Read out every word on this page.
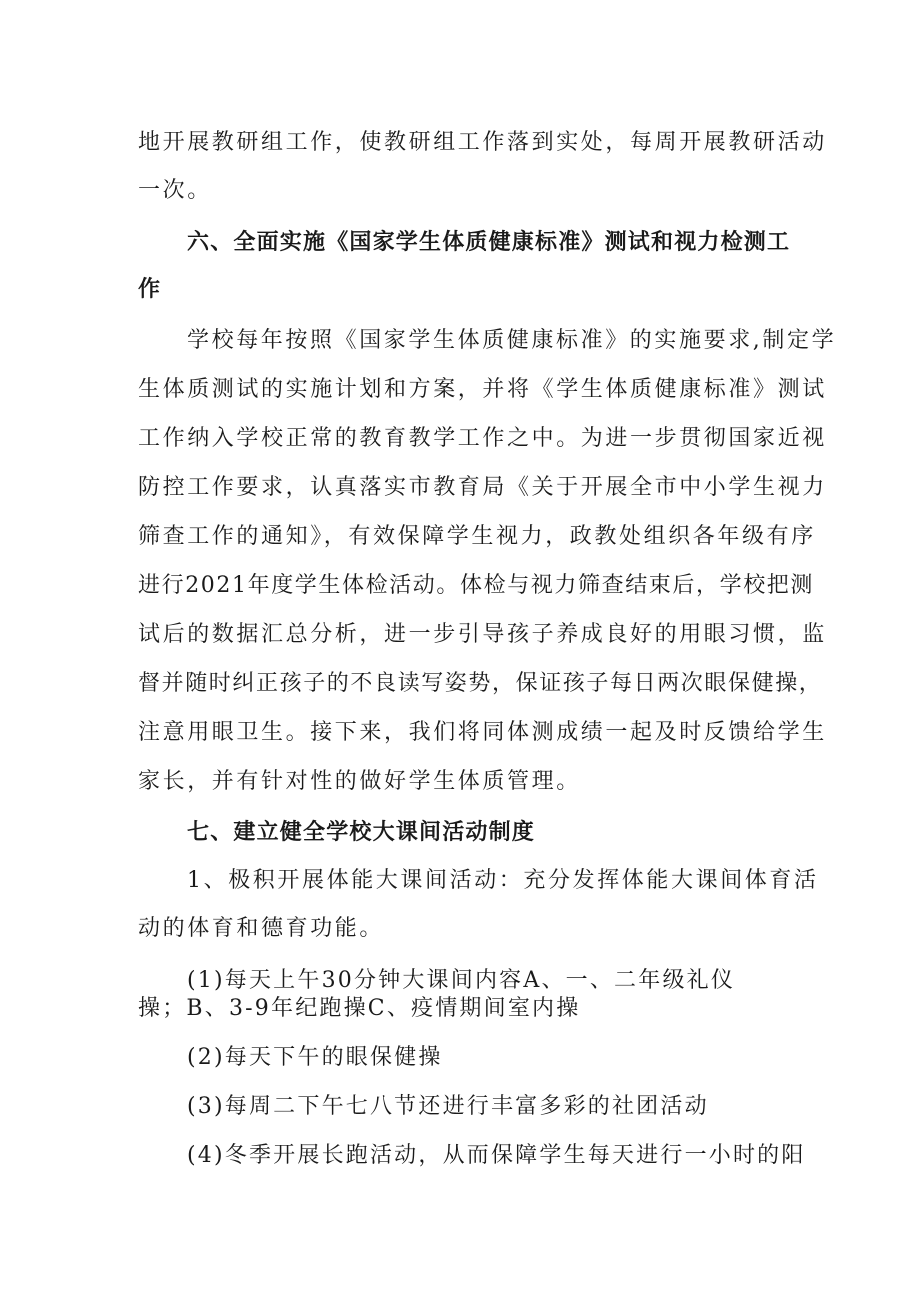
地开展教研组工作，使教研组工作落到实处，每周开展教研活动
一次。
六、全面实施《国家学生体质健康标准》测试和视力检测工
作
学校每年按照《国家学生体质健康标准》的实施要求,制定学
生体质测试的实施计划和方案，并将《学生体质健康标准》测试
工作纳入学校正常的教育教学工作之中。为进一步贯彻国家近视
防控工作要求，认真落实市教育局《关于开展全市中小学生视力
筛查工作的通知》，有效保障学生视力，政教处组织各年级有序
进行2021年度学生体检活动。体检与视力筛查结束后，学校把测
试后的数据汇总分析，进一步引导孩子养成良好的用眼习惯，监
督并随时纠正孩子的不良读写姿势，保证孩子每日两次眼保健操，
注意用眼卫生。接下来，我们将同体测成绩一起及时反馈给学生
家长，并有针对性的做好学生体质管理。
七、建立健全学校大课间活动制度
1、极积开展体能大课间活动：充分发挥体能大课间体育活
动的体育和德育功能。
(1)每天上午30分钟大课间内容A、一、二年级礼仪
操；B、3-9年纪跑操C、疫情期间室内操
(2)每天下午的眼保健操
(3)每周二下午七八节还进行丰富多彩的社团活动
(4)冬季开展长跑活动，从而保障学生每天进行一小时的阳
